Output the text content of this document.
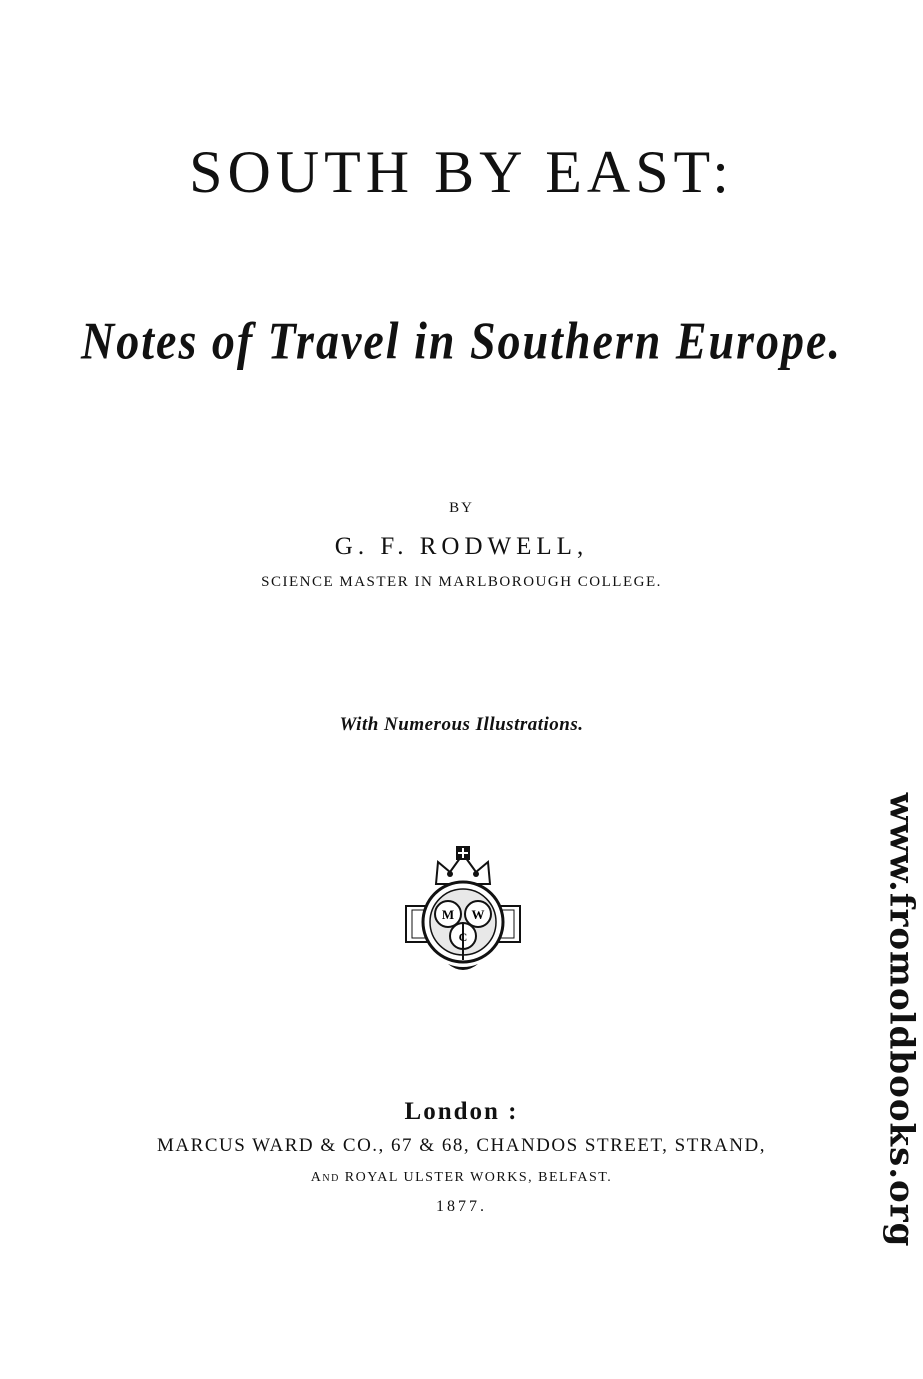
SOUTH BY EAST:
Notes of Travel in Southern Europe.
BY
G. F. RODWELL,
SCIENCE MASTER IN MARLBOROUGH COLLEGE.
With Numerous Illustrations.
M W
C
London :
MARCUS WARD & CO., 67 & 68, CHANDOS STREET, STRAND,
And ROYAL ULSTER WORKS, BELFAST.
1877.	www.fromoldbooks.org
